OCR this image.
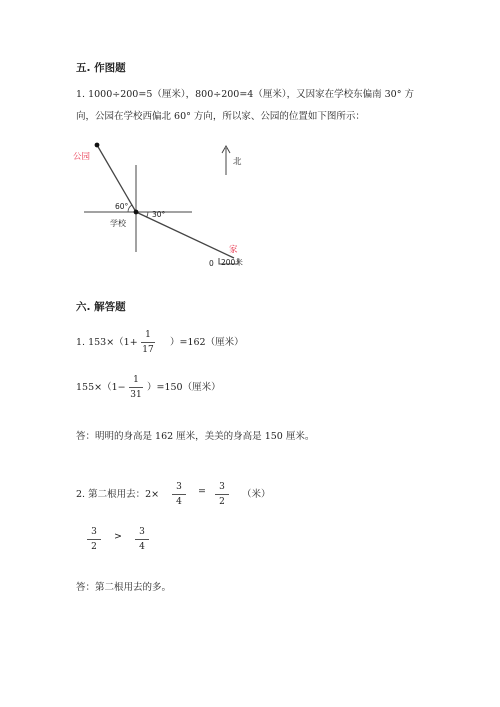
五. 作图题
1. 1000÷200=5（厘米），800÷200=4（厘米），又因家在学校东偏南 30° 方
向，公园在学校西偏北 60° 方向，所以家、公园的位置如下图所示：
公园
家
学校
60°
30°
北
0 200米
六. 解答题
1. 153×（1+
1
17
）=162（厘米）
155×（1−
1
31
）=150（厘米）
答：明明的身高是 162 厘米，美美的身高是 150 厘米。
2. 第二根用去：2×
3
4
=	3
2
（米）
3
2
>	3
4
答：第二根用去的多。
